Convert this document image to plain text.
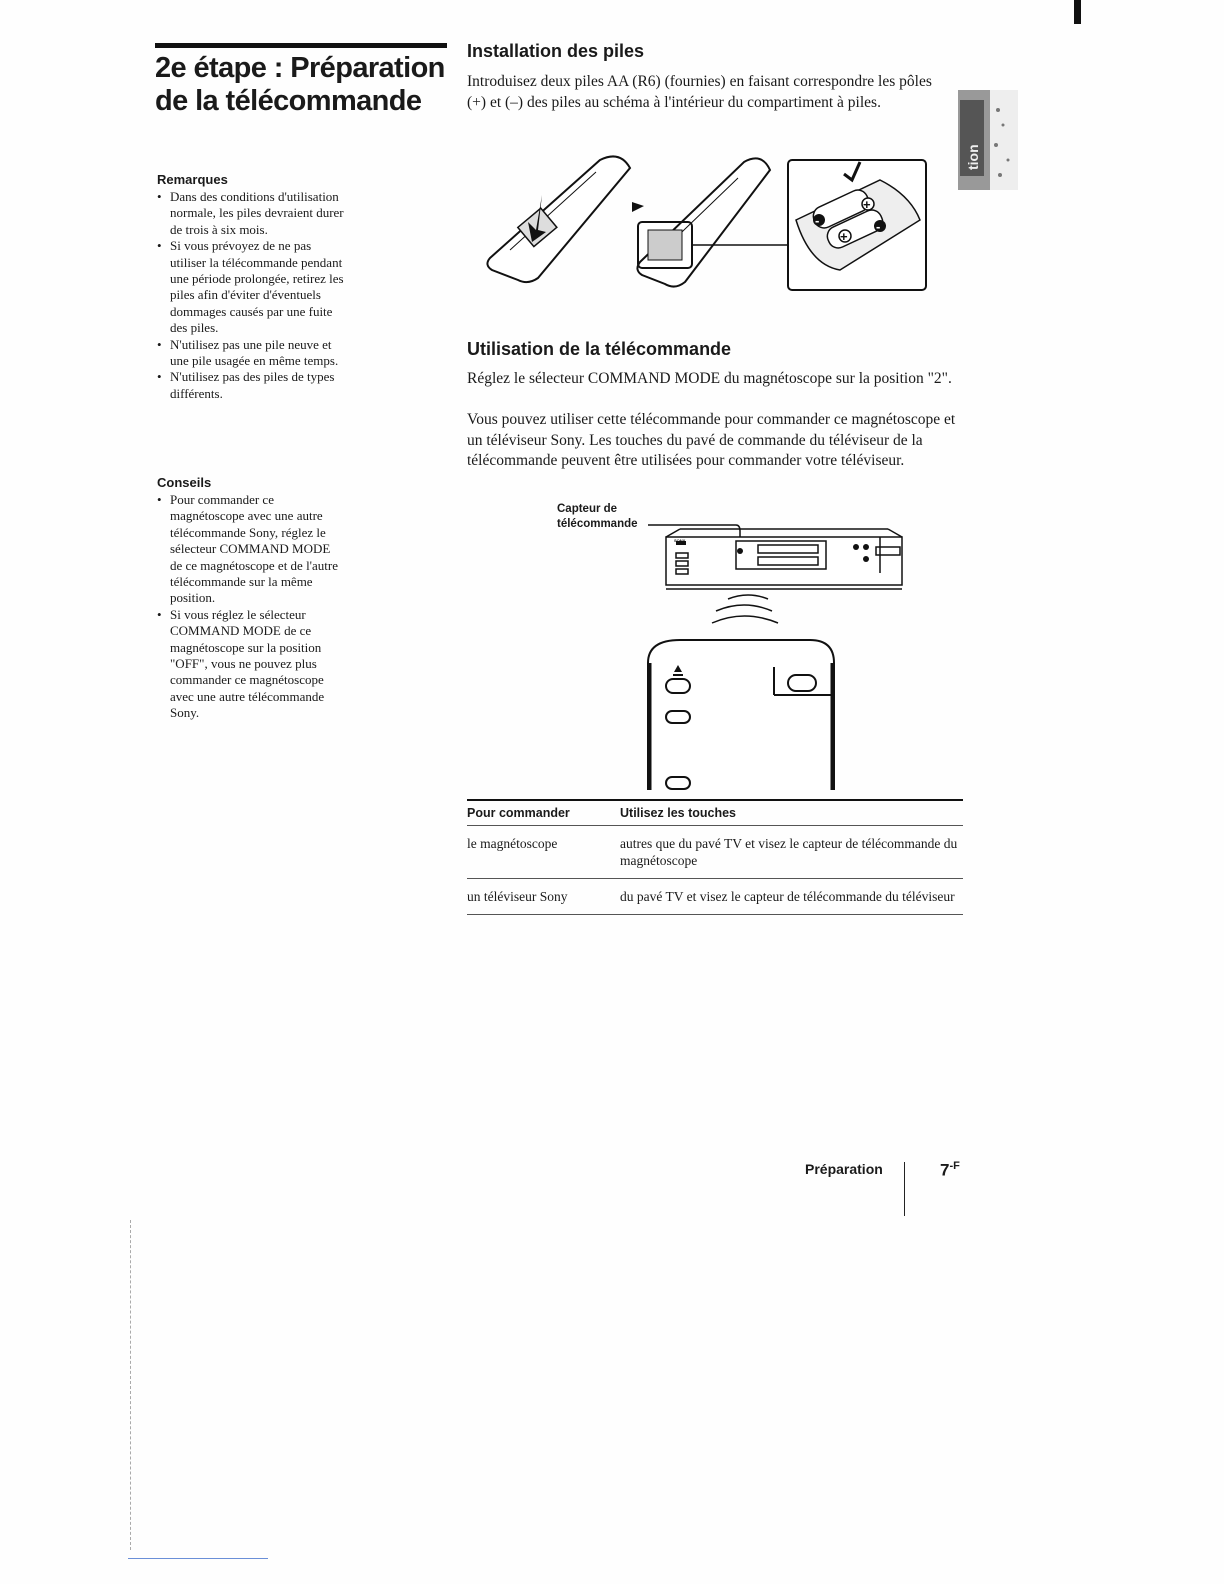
tion
2e étape : Préparation de la télécommande
Remarques
• Dans des conditions d'utilisation normale, les piles devraient durer de trois à six mois.
• Si vous prévoyez de ne pas utiliser la télécommande pendant une période prolongée, retirez les piles afin d'éviter d'éventuels dommages causés par une fuite des piles.
• N'utilisez pas une pile neuve et une pile usagée en même temps.
• N'utilisez pas des piles de types différents.
Conseils
• Pour commander ce magnétoscope avec une autre télécommande Sony, réglez le sélecteur COMMAND MODE de ce magnétoscope et de l'autre télécommande sur la même position.
• Si vous réglez le sélecteur COMMAND MODE de ce magnétoscope sur la position "OFF", vous ne pouvez plus commander ce magnétoscope avec une autre télécommande Sony.
Installation des piles
Introduisez deux piles AA (R6) (fournies) en faisant correspondre les pôles (+) et (–) des piles au schéma à l'intérieur du compartiment à piles.
-
+
+
-
Utilisation de la télécommande
Réglez le sélecteur COMMAND MODE du magnétoscope sur la position "2".
Vous pouvez utiliser cette télécommande pour commander ce magnétoscope et un téléviseur Sony. Les touches du pavé de commande du téléviseur de la télécommande peuvent être utilisées pour commander votre téléviseur.
Capteur de
télécommande
SONY
Pour commander	Utilisez les touches
le magnétoscope	autres que du pavé TV et visez le capteur de télécommande du magnétoscope
un téléviseur Sony	du pavé TV et visez le capteur de télécommande du téléviseur
Préparation	$7^{-F}$
